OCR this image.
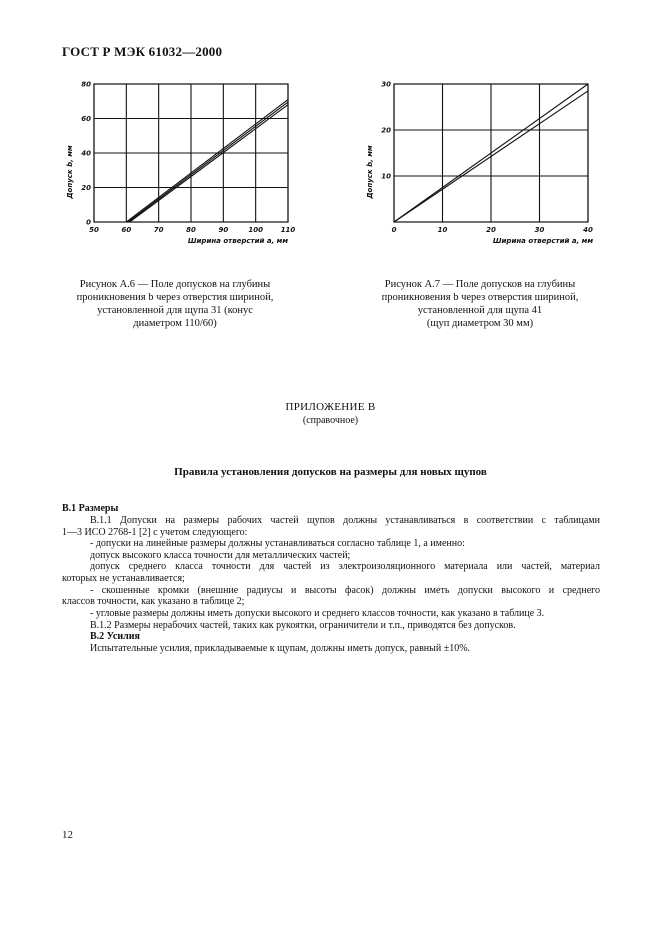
ГОСТ Р МЭК 61032—2000
50	60	70	80	90	100	110
0
20
40
60
80
Допуск b, мм
Ширина отверстий a, мм
0	10	20	30	40
10
20
30
Допуск b, мм
Ширина отверстий a, мм
Рисунок А.6 — Поле допусков на глубины
проникновения b через отверстия шириной,
установленной для щупа 31 (конус
диаметром 110/60)
Рисунок А.7 — Поле допусков на глубины
проникновения b через отверстия шириной,
установленной для щупа 41
(щуп диаметром 30 мм)
ПРИЛОЖЕНИЕ В
(справочное)
Правила установления допусков на размеры для новых щупов
В.1 Размеры
В.1.1 Допуски на размеры рабочих частей щупов должны устанавливаться в соответствии с таблицами
1—3 ИСО 2768-1 [2] с учетом следующего:
- допуски на линейные размеры должны устанавливаться согласно таблице 1, а именно:
допуск высокого класса точности для металлических частей;
допуск среднего класса точности для частей из электроизоляционного материала или частей, материал
которых не устанавливается;
- скошенные кромки (внешние радиусы и высоты фасок) должны иметь допуски высокого и среднего
классов точности, как указано в таблице 2;
- угловые размеры должны иметь допуски высокого и среднего классов точности, как указано в таблице 3.
В.1.2 Размеры нерабочих частей, таких как рукоятки, ограничители и т.п., приводятся без допусков.
В.2 Усилия
Испытательные усилия, прикладываемые к щупам, должны иметь допуск, равный ±10%.
12
